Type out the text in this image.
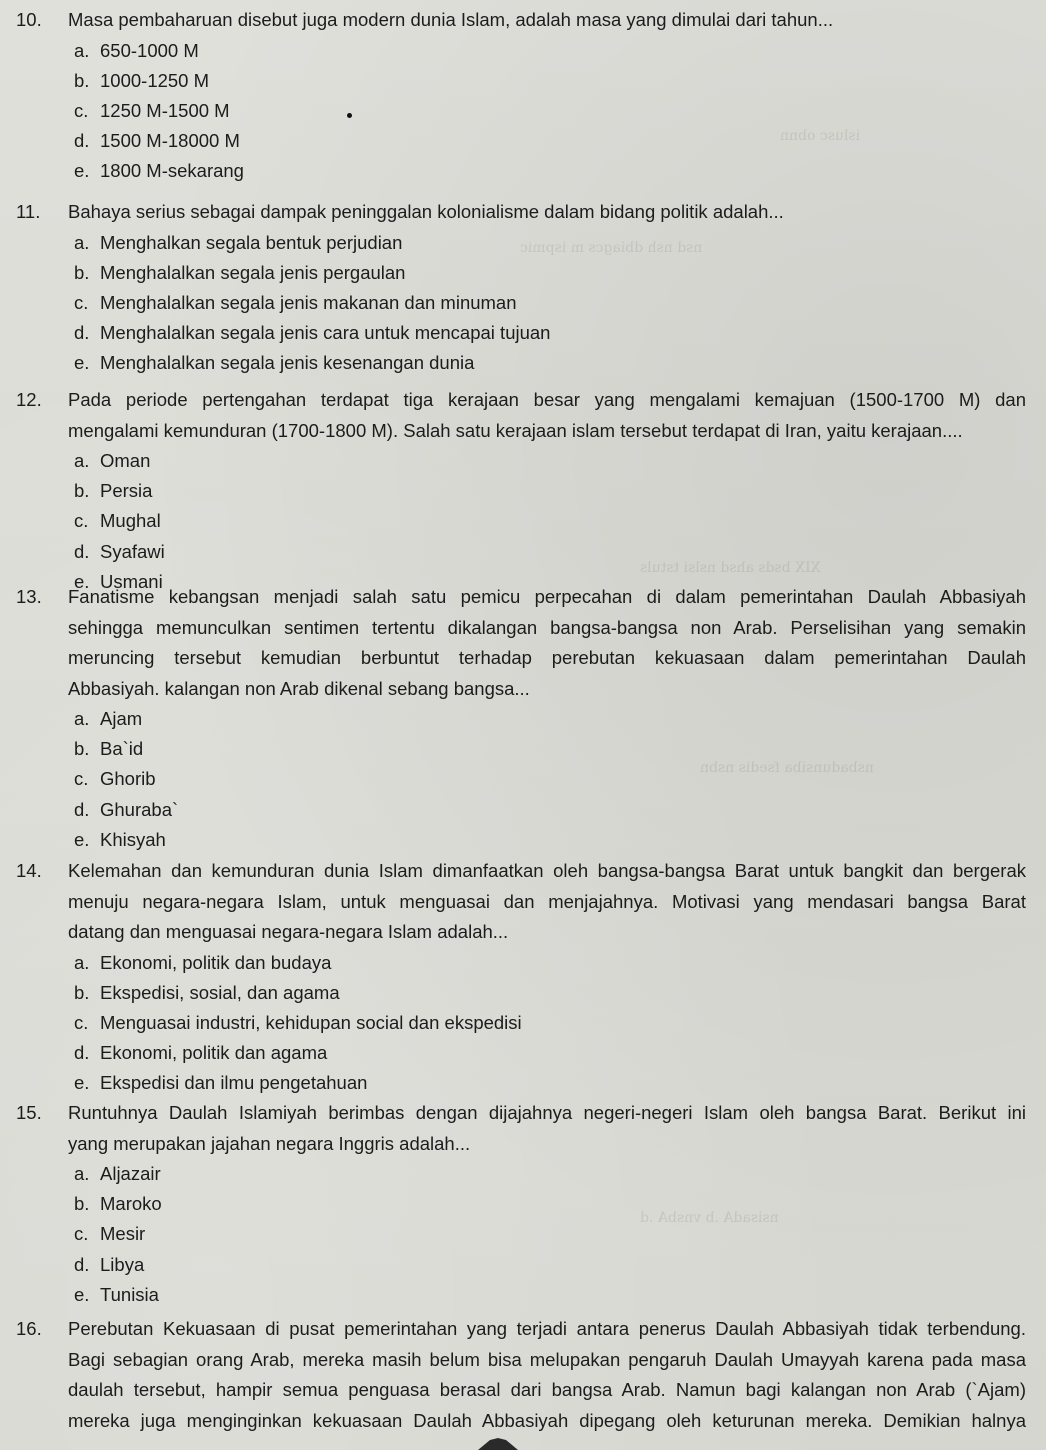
islusc obnn
nsd nsh dbiagcs m ispmic
XIX bsds ahsd nslsi tstuls
nsbadunsiba fsedis nsbn
nsisadA .b vnsbA .d
10.	Masa pembaharuan disebut juga modern dunia Islam, adalah masa yang dimulai dari tahun...
a. 650-1000 M
b. 1000-1250 M
c. 1250 M-1500 M
d. 1500 M-18000 M
e. 1800 M-sekarang
11.	Bahaya serius sebagai dampak peninggalan kolonialisme dalam bidang politik adalah...
a. Menghalkan segala bentuk perjudian
b. Menghalalkan segala jenis pergaulan
c. Menghalalkan segala jenis makanan dan minuman
d. Menghalalkan segala jenis cara untuk mencapai tujuan
e. Menghalalkan segala jenis kesenangan dunia
12.	Pada periode pertengahan terdapat tiga kerajaan besar yang mengalami kemajuan (1500-1700 M) dan
mengalami kemunduran (1700-1800 M). Salah satu kerajaan islam tersebut terdapat di Iran, yaitu kerajaan....
a. Oman
b. Persia
c. Mughal
d. Syafawi
e. Usmani
13.	Fanatisme kebangsan menjadi salah satu pemicu perpecahan di dalam pemerintahan Daulah Abbasiyah
sehingga memunculkan sentimen tertentu dikalangan bangsa-bangsa non Arab. Perselisihan yang semakin
meruncing tersebut kemudian berbuntut terhadap perebutan kekuasaan dalam pemerintahan Daulah
Abbasiyah. kalangan non Arab dikenal sebang bangsa...
a. Ajam
b. Ba`id
c. Ghorib
d. Ghuraba`
e. Khisyah
14.	Kelemahan dan kemunduran dunia Islam dimanfaatkan oleh bangsa-bangsa Barat untuk bangkit dan bergerak
menuju negara-negara Islam, untuk menguasai dan menjajahnya. Motivasi yang mendasari bangsa Barat
datang dan menguasai negara-negara Islam adalah...
a. Ekonomi, politik dan budaya
b. Ekspedisi, sosial, dan agama
c. Menguasai industri, kehidupan social dan ekspedisi
d. Ekonomi, politik dan agama
e. Ekspedisi dan ilmu pengetahuan
15.	Runtuhnya Daulah Islamiyah berimbas dengan dijajahnya negeri-negeri Islam oleh bangsa Barat. Berikut ini
yang merupakan jajahan negara Inggris adalah...
a. Aljazair
b. Maroko
c. Mesir
d. Libya
e. Tunisia
16.	Perebutan Kekuasaan di pusat pemerintahan yang terjadi antara penerus Daulah Abbasiyah tidak terbendung.
Bagi sebagian orang Arab, mereka masih belum bisa melupakan pengaruh Daulah Umayyah karena pada masa
daulah tersebut, hampir semua penguasa berasal dari bangsa Arab. Namun bagi kalangan non Arab (`Ajam)
mereka juga menginginkan kekuasaan Daulah Abbasiyah dipegang oleh keturunan mereka. Demikian halnya
